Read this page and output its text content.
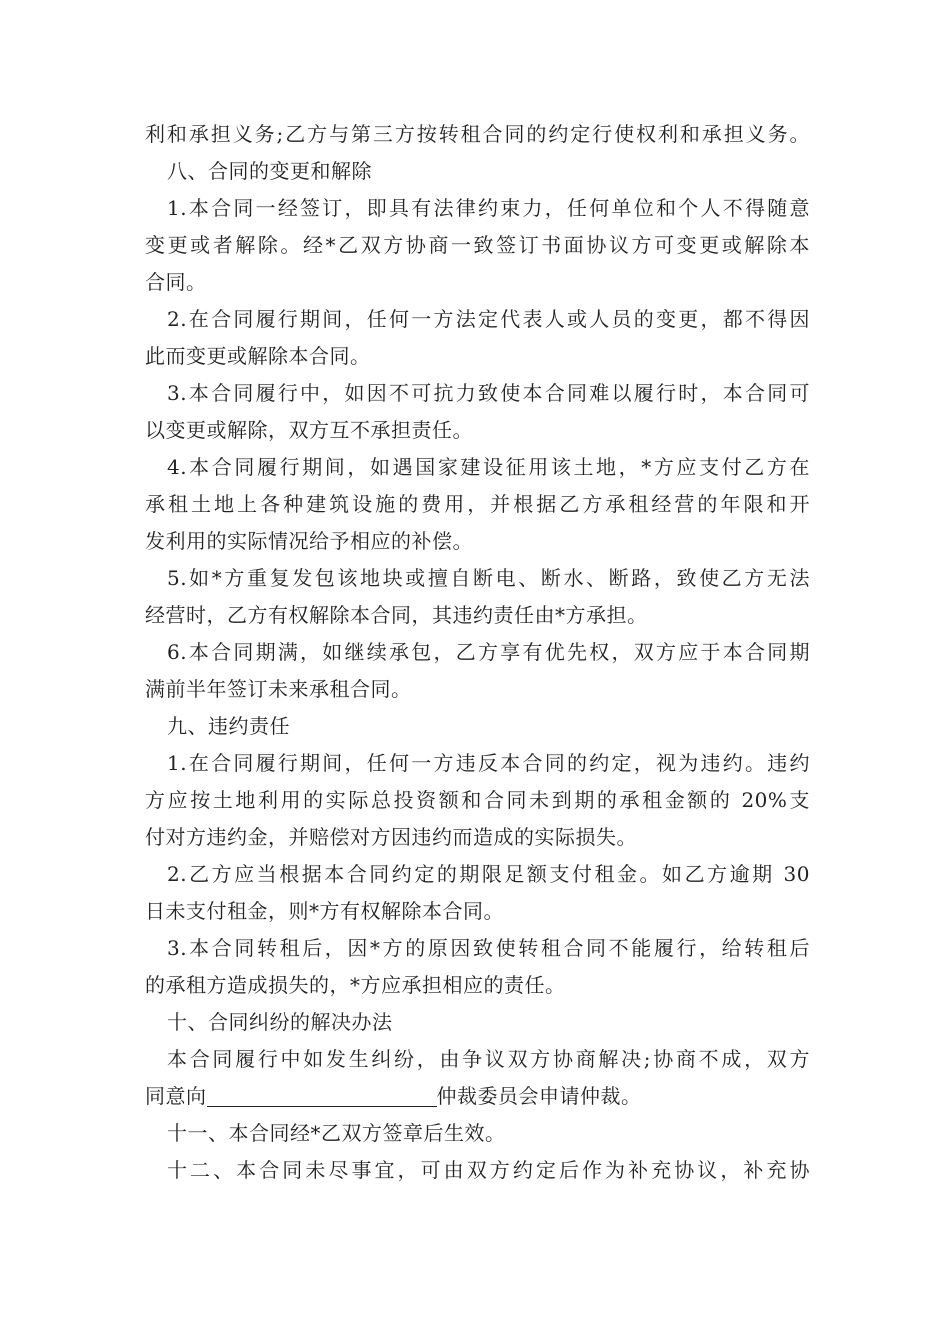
利和承担义务;乙方与第三方按转租合同的约定行使权利和承担义务。
八、合同的变更和解除
1.本合同一经签订，即具有法律约束力，任何单位和个人不得随意
变更或者解除。经*乙双方协商一致签订书面协议方可变更或解除本
合同。
2.在合同履行期间，任何一方法定代表人或人员的变更，都不得因
此而变更或解除本合同。
3.本合同履行中，如因不可抗力致使本合同难以履行时，本合同可
以变更或解除，双方互不承担责任。
4.本合同履行期间，如遇国家建设征用该土地，*方应支付乙方在
承租土地上各种建筑设施的费用，并根据乙方承租经营的年限和开
发利用的实际情况给予相应的补偿。
5.如*方重复发包该地块或擅自断电、断水、断路，致使乙方无法
经营时，乙方有权解除本合同，其违约责任由*方承担。
6.本合同期满，如继续承包，乙方享有优先权，双方应于本合同期
满前半年签订未来承租合同。
九、违约责任
1.在合同履行期间，任何一方违反本合同的约定，视为违约。违约
方应按土地利用的实际总投资额和合同未到期的承租金额的 20%支
付对方违约金，并赔偿对方因违约而造成的实际损失。
2.乙方应当根据本合同约定的期限足额支付租金。如乙方逾期 30
日未支付租金，则*方有权解除本合同。
3.本合同转租后，因*方的原因致使转租合同不能履行，给转租后
的承租方造成损失的，*方应承担相应的责任。
十、合同纠纷的解决办法
本合同履行中如发生纠纷，由争议双方协商解决;协商不成，双方
同意向	仲裁委员会申请仲裁。
十一、本合同经*乙双方签章后生效。
十二、本合同未尽事宜，可由双方约定后作为补充协议，补充协
